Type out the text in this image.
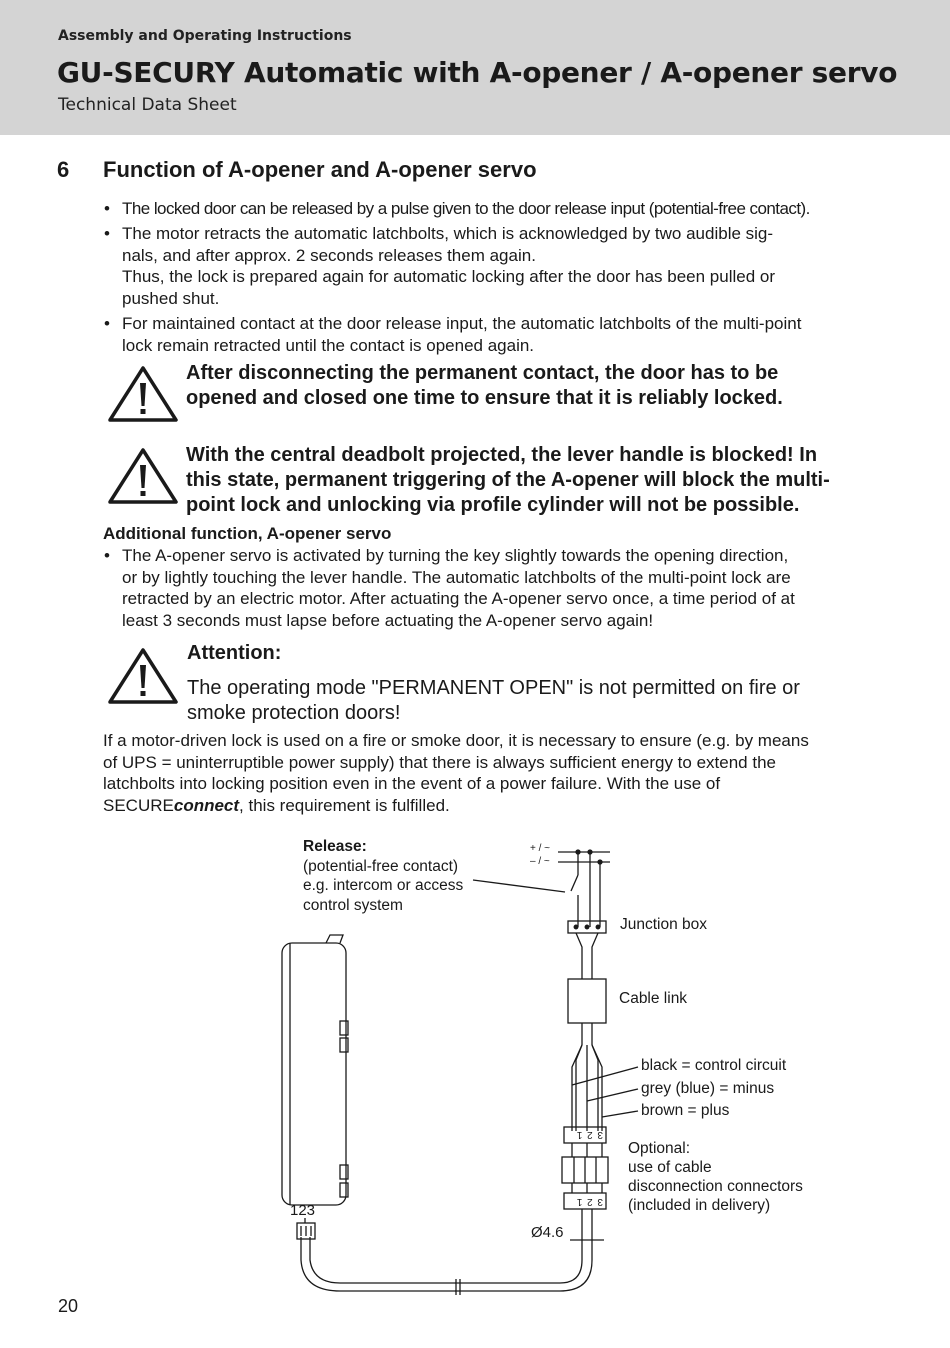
Assembly and Operating Instructions
GU-SECURY Automatic with A-opener / A-opener servo
Technical Data Sheet
6 Function of A-opener and A-opener servo
• The locked door can be released by a pulse given to the door release input (potential-free contact).
• The motor retracts the automatic latchbolts, which is acknowledged by two audible sig-
nals, and after approx. 2 seconds releases them again.
Thus, the lock is prepared again for automatic locking after the door has been pulled or
pushed shut.
• For maintained contact at the door release input, the automatic latchbolts of the multi-point
lock remain retracted until the contact is opened again.
After disconnecting the permanent contact, the door has to be
opened and closed one time to ensure that it is reliably locked.
With the central deadbolt projected, the lever handle is blocked! In
this state, permanent triggering of the A-opener will block the multi-
point lock and unlocking via profile cylinder will not be possible.
Additional function, A-opener servo
• The A-opener servo is activated by turning the key slightly towards the opening direction,
or by lightly touching the lever handle. The automatic latchbolts of the multi-point lock are
retracted by an electric motor. After actuating the A-opener servo once, a time period of at
least 3 seconds must lapse before actuating the A-opener servo again!
Attention:
The operating mode "PERMANENT OPEN" is not permitted on fire or
smoke protection doors!
If a motor-driven lock is used on a fire or smoke door, it is necessary to ensure (e.g. by means
of UPS = uninterruptible power supply) that there is always sufficient energy to extend the
latchbolts into locking position even in the event of a power failure. With the use of
SECUREconnect, this requirement is fulfilled.
Release:
(potential-free contact)
e.g. intercom or access
control system
+ / ~
– / ~
Junction box
Cable link
black = control circuit
grey (blue) = minus
brown = plus
Optional:
use of cable
disconnection connectors
(included in delivery)
123
Ø4.6
3 2 1
3 2 1
20
